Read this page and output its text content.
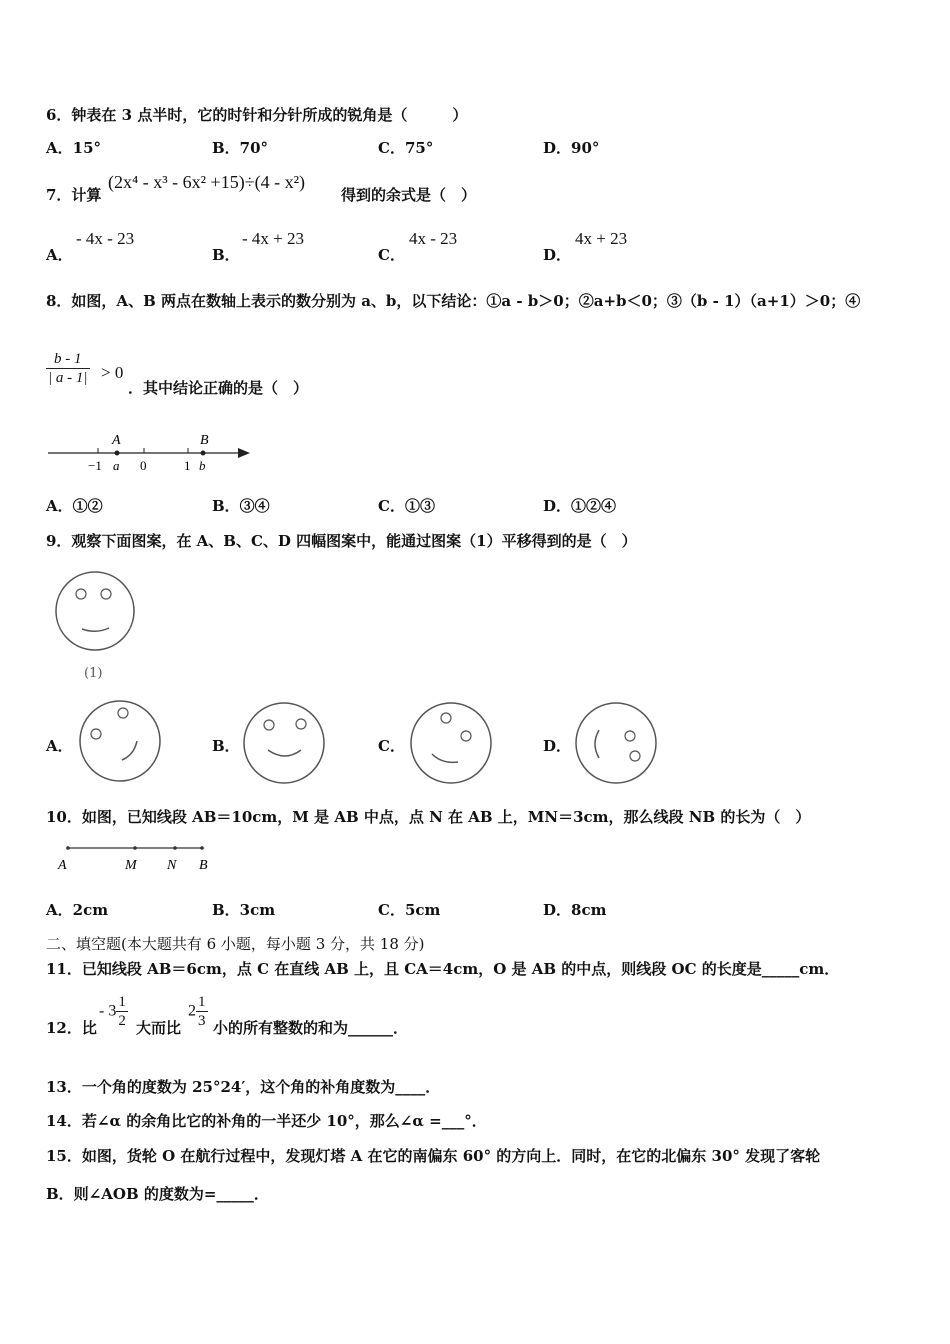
6．钟表在 3 点半时，它的时针和分针所成的锐角是（　　　）
A．15°	B．70°	C．75°	D．90°
7．计算
(2x⁴ - x³ - 6x² +15)÷(4 - x²)
得到的余式是（　）
A．
- 4x - 23
B．
- 4x + 23
C．
4x - 23
D．
4x + 23
8．如图，A、B 两点在数轴上表示的数分别为 a、b，以下结论：①a - b＞0；②a+b＜0；③（b - 1）（a+1）＞0；④
$\frac{b - 1}{| a - 1|} > 0$
．其中结论正确的是（　）
A	B
−1 a 0	1 b
A．①②	B．③④	C．①③	D．①②④
9．观察下面图案，在 A、B、C、D 四幅图案中，能通过图案（1）平移得到的是（　）
(1)
A．	B．	C．	D．
10．如图，已知线段 AB＝10cm，M 是 AB 中点，点 N 在 AB 上，MN＝3cm，那么线段 NB 的长为（　）
A	M N B
A．2cm	B．3cm	C．5cm	D．8cm
二、填空题(本大题共有 6 小题，每小题 3 分，共 18 分)
11．已知线段 AB＝6cm，点 C 在直线 AB 上，且 CA＝4cm，O 是 AB 的中点，则线段 OC 的长度是_____cm．
12．比
- $3 \frac{1}{2}$ 大而比
$2 \frac{1}{3}$ 小的所有整数的和为______．
13．一个角的度数为 25°24′，这个角的补角度数为____．
14．若∠α 的余角比它的补角的一半还少 10°，那么∠α =___°．
15．如图，货轮 O 在航行过程中，发现灯塔 A 在它的南偏东 60° 的方向上．同时，在它的北偏东 30° 发现了客轮
B．则∠AOB 的度数为=_____．
